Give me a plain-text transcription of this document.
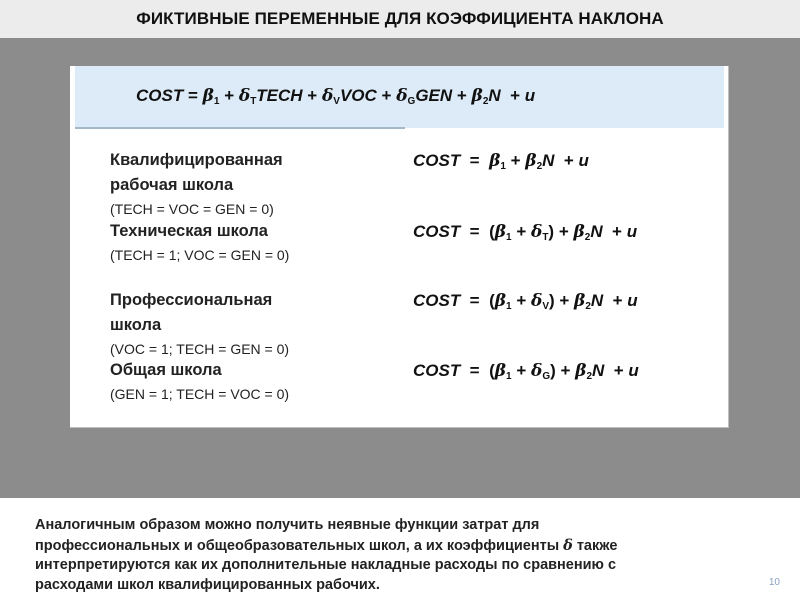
ФИКТИВНЫЕ ПЕРЕМЕННЫЕ ДЛЯ КОЭФФИЦИЕНТА НАКЛОНА
COST = $\beta_1$ + $\delta_TTECH + \delta_VVOC + \delta_GGEN + \beta_2N + u$
Квалифицированная
рабочая школа
(TECH = VOC = GEN = 0)
COST  =  $\beta_1 + \beta_2N + u$
Техническая школа
(TECH = 1; VOC = GEN = 0)
COST  =  $(\beta_1 + \delta_T) + \beta_2N + u$
Профессиональная
школа
(VOC = 1; TECH = GEN = 0)
COST  =  $(\beta_1 + \delta_V) + \beta_2N + u$
Общая школа
(GEN = 1; TECH = VOC = 0)
COST  =  $(\beta_1 + \delta_G) + \beta_2N + u$
Аналогичным образом можно получить неявные функции затрат для
профессиональных и общеобразовательных школ, а их коэффициенты δ также
интерпретируются как их дополнительные накладные расходы по сравнению с
расходами школ квалифицированных рабочих.	10
